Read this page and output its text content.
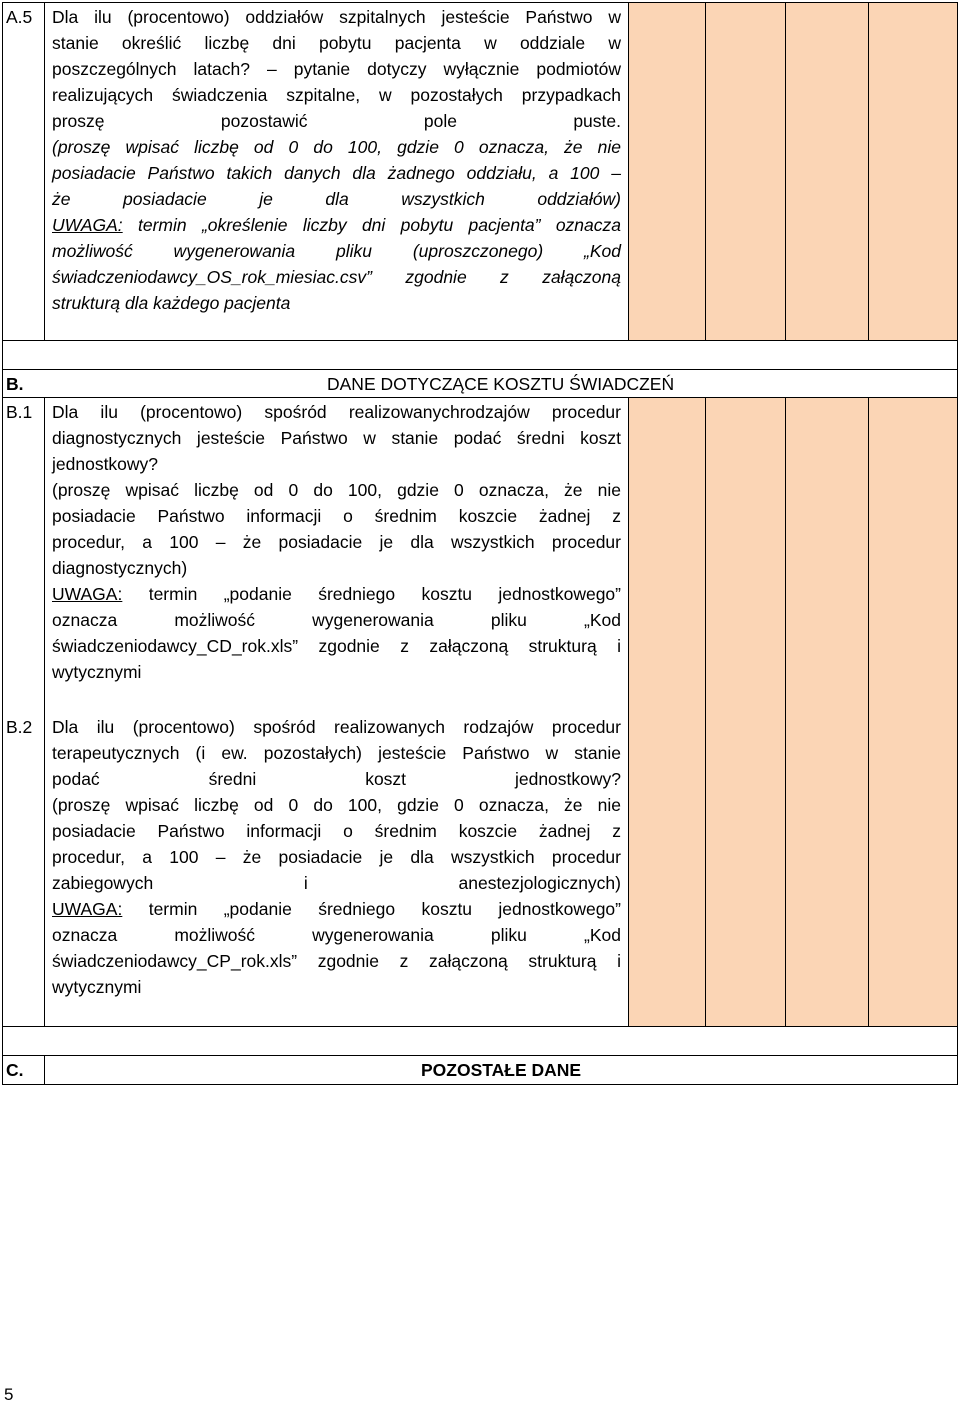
A.5 Dla ilu (procentowo) oddziałów szpitalnych jesteście Państwo w
stanie określić liczbę dni pobytu pacjenta w oddziale w
poszczególnych latach? – pytanie dotyczy wyłącznie podmiotów
realizujących świadczenia szpitalne, w pozostałych przypadkach
proszę pozostawić pole puste.
(proszę wpisać liczbę od 0 do 100, gdzie 0 oznacza, że nie
posiadacie Państwo takich danych dla żadnego oddziału, a 100 –
że posiadacie je dla wszystkich oddziałów)
UWAGA: termin „określenie liczby dni pobytu pacjenta” oznacza
możliwość wygenerowania pliku (uproszczonego) „Kod
świadczeniodawcy_OS_rok_miesiac.csv” zgodnie z załączoną
strukturą dla każdego pacjenta
B.	DANE DOTYCZĄCE KOSZTU ŚWIADCZEŃ
B.1 Dla ilu (procentowo) spośród realizowanychrodzajów procedur
diagnostycznych jesteście Państwo w stanie podać średni koszt
jednostkowy?
(proszę wpisać liczbę od 0 do 100, gdzie 0 oznacza, że nie
posiadacie Państwo informacji o średnim koszcie żadnej z
procedur, a 100 – że posiadacie je dla wszystkich procedur
diagnostycznych)
UWAGA: termin „podanie średniego kosztu jednostkowego”
oznacza możliwość wygenerowania pliku „Kod
świadczeniodawcy_CD_rok.xls” zgodnie z załączoną strukturą i
wytycznymi
B.2 Dla ilu (procentowo) spośród realizowanych rodzajów procedur
terapeutycznych (i ew. pozostałych) jesteście Państwo w stanie
podać średni koszt jednostkowy?
(proszę wpisać liczbę od 0 do 100, gdzie 0 oznacza, że nie
posiadacie Państwo informacji o średnim koszcie żadnej z
procedur, a 100 – że posiadacie je dla wszystkich procedur
zabiegowych i anestezjologicznych)
UWAGA: termin „podanie średniego kosztu jednostkowego”
oznacza możliwość wygenerowania pliku „Kod
świadczeniodawcy_CP_rok.xls” zgodnie z załączoną strukturą i
wytycznymi
C.	POZOSTAŁE DANE
5
